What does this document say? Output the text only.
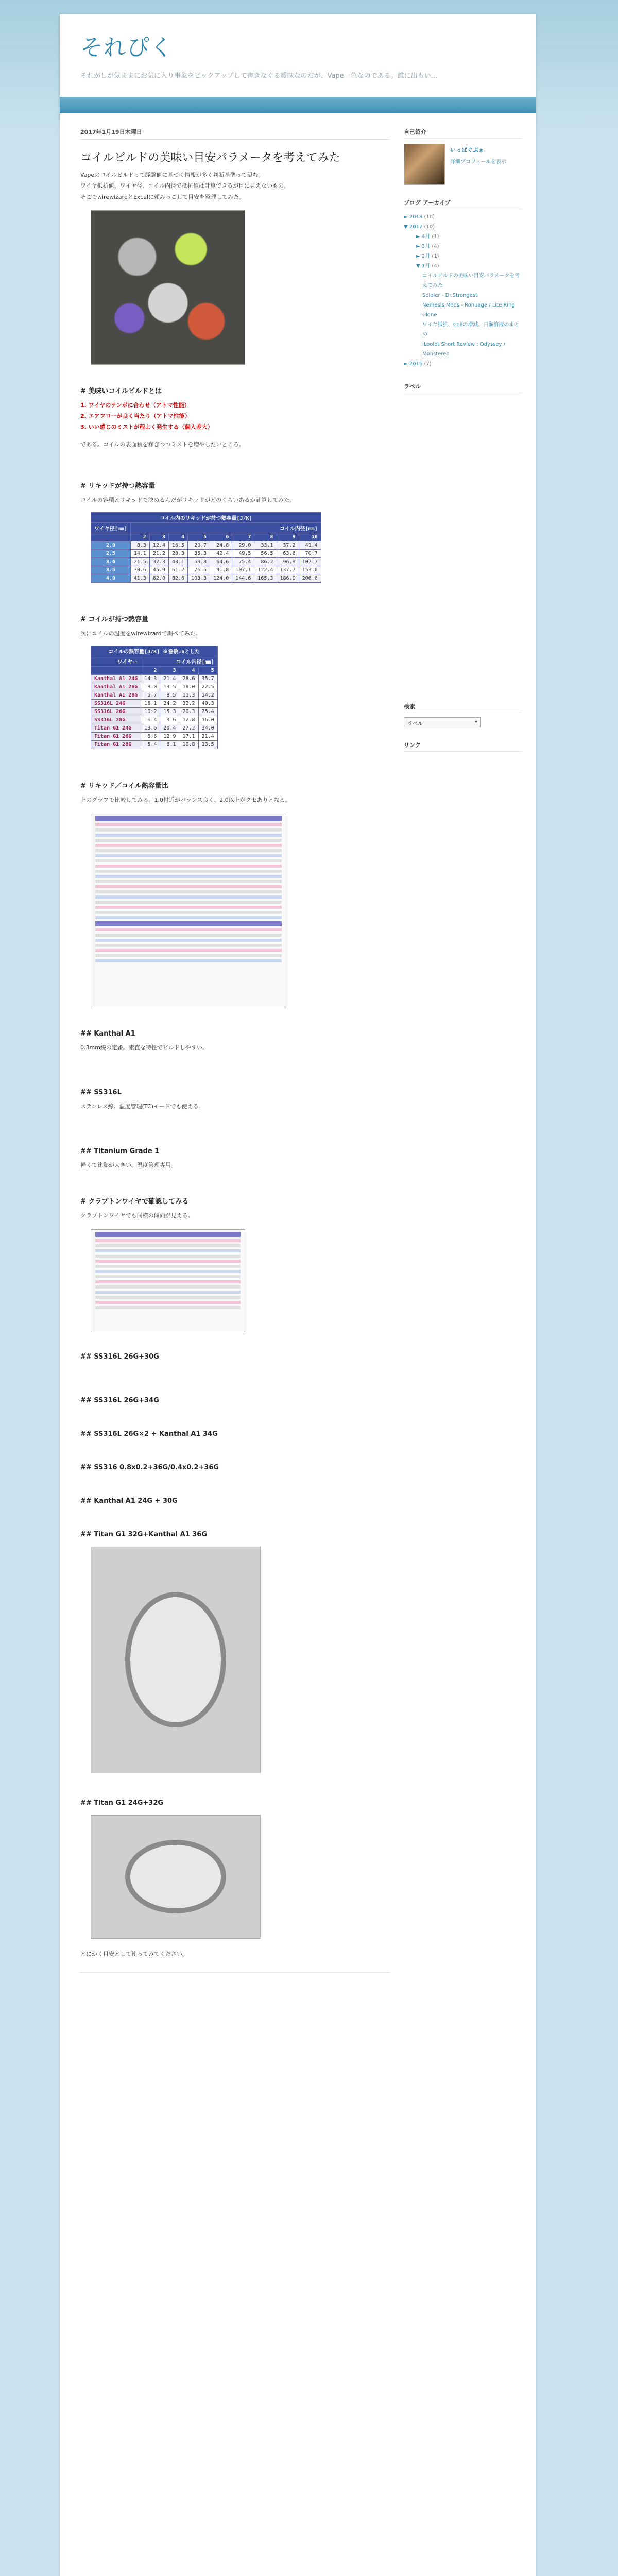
それぴく
それがしが気ままにお気に入り事象をピックアップして書きなぐる曖昧なのだが、Vape一色なのである。誰に出もい...
2017年1月19日木曜日
コイルビルドの美味い目安パラメータを考えてみた
Vapeのコイルビルドって経験値に基づく情報が多く判断基準って望む。
ワイヤ抵抗値、ワイヤ径、コイル内径で抵抗値は計算できるが目に見えないもの。
そこでwirewizardとExcelに頼みっこして目安を整理してみた。
# 美味いコイルビルドとは
1. ワイヤのテンポに合わせ（アトマ性能）
2. エアフローが良く当たり（アトマ性能）
3. いい感じのミストが程よく発生する（個人差大）
である。コイルの表面積を稼ぎつつミストを増やしたいところ。
# リキッドが持つ熱容量
コイルの容積とリキッドで決めるんだがリキッドがどのくらいあるか計算してみた。
コイル内のリキッドが持つ熱容量[J/K]									
ワイヤ径[mm]	コイル内径[mm]								
	2	3	4	5	6	7	8	9	10
2.0	8.3	12.4	16.5	20.7	24.8	29.0	33.1	37.2	41.4
2.5	14.1	21.2	28.3	35.3	42.4	49.5	56.5	63.6	70.7
3.0	21.5	32.3	43.1	53.8	64.6	75.4	86.2	96.9	107.7
3.5	30.6	45.9	61.2	76.5	91.8	107.1	122.4	137.7	153.0
4.0	41.3	62.0	82.6	103.3	124.0	144.6	165.3	186.0	206.6
# コイルが持つ熱容量
次にコイルの温度をwirewizardで調べてみた。
コイルの熱容量[J/K] ※巻数=6とした				
ワイヤー	コイル内径[mm]			
	2	3	4	5
Kanthal A1 24G	14.3	21.4	28.6	35.7
Kanthal A1 26G	9.0	13.5	18.0	22.5
Kanthal A1 28G	5.7	8.5	11.3	14.2
SS316L 24G	16.1	24.2	32.2	40.3
SS316L 26G	10.2	15.3	20.3	25.4
SS316L 28G	6.4	9.6	12.8	16.0
Titan G1 24G	13.6	20.4	27.2	34.0
Titan G1 26G	8.6	12.9	17.1	21.4
Titan G1 28G	5.4	8.1	10.8	13.5
# リキッド／コイル熱容量比
上のグラフで比較してみる。1.0付近がバランス良く、2.0以上がクセありとなる。
## Kanthal A1
0.3mm線の定番。素直な特性でビルドしやすい。
## SS316L
ステンレス線。温度管理(TC)モードでも使える。
## Titanium Grade 1
軽くて比熱が大きい。温度管理専用。
# クラプトンワイヤで確認してみる
クラプトンワイヤでも同様の傾向が見える。
## SS316L 26G+30G
## SS316L 26G+34G
## SS316L 26G×2 + Kanthal A1 34G
## SS316 0.8x0.2+36G/0.4x0.2+36G
## Kanthal A1 24G + 30G
## Titan G1 32G+Kanthal A1 36G
## Titan G1 24G+32G
とにかく目安として使ってみてください。
自己紹介
いっぱぐぶぁ
詳細プロフィールを表示
ブログ アーカイブ
► 2018 (10)
▼ 2017 (10)
► 4月 (1)
► 3月 (4)
► 2月 (1)
▼ 1月 (4)
コイルビルドの美味い目安パラメータを考えてみた
Soldier - Dr.Strongest
Nemesis Mods - Ronuage / Lite Ring Clone
ワイヤ抵抗、Coilの増減、円溜溶液のまとめ
iLoolot Short Review : Odyssey / Monstered
► 2016 (7)
ラベル
検索
ラベル ▾
リンク
